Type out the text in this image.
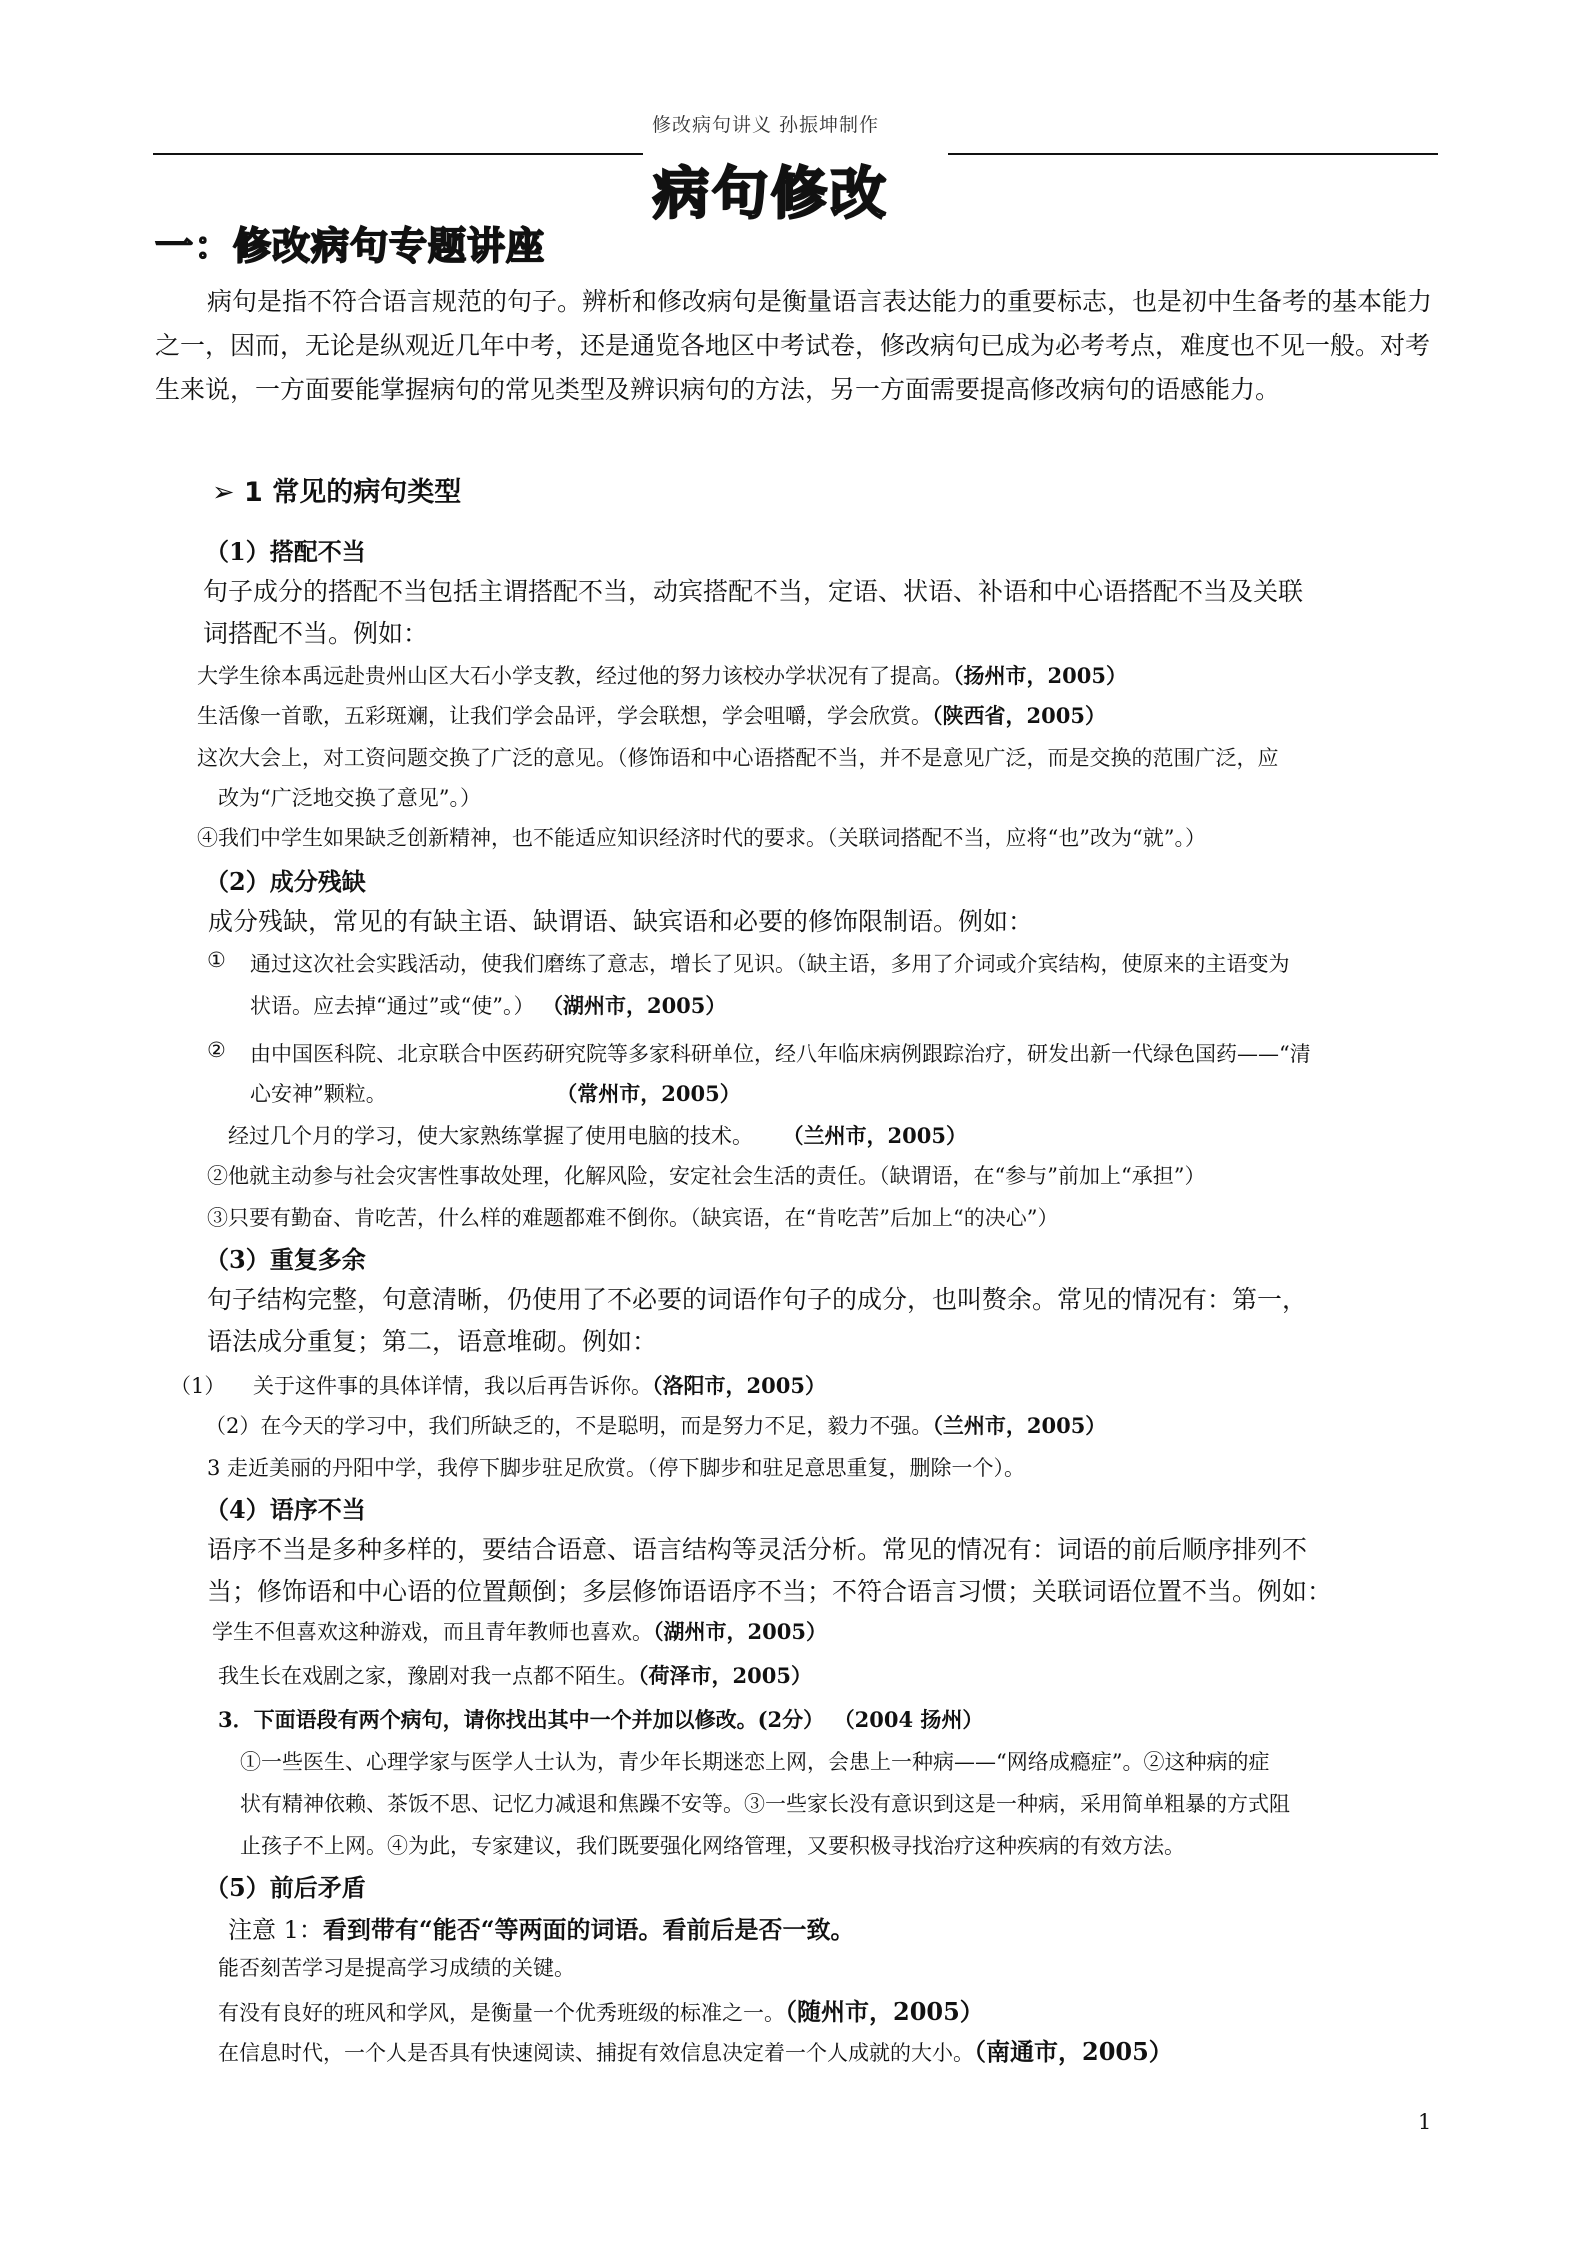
修改病句讲义 孙振坤制作
病句修改
一：修改病句专题讲座
病句是指不符合语言规范的句子。辨析和修改病句是衡量语言表达能力的重要标志，也是初中生备考的基本能力之一，因而，无论是纵观近几年中考，还是通览各地区中考试卷，修改病句已成为必考考点，难度也不见一般。对考生来说，一方面要能掌握病句的常见类型及辨识病句的方法，另一方面需要提高修改病句的语感能力。
➢ 1 常见的病句类型
（1）搭配不当
句子成分的搭配不当包括主谓搭配不当，动宾搭配不当，定语、状语、补语和中心语搭配不当及关联
词搭配不当。例如：
大学生徐本禹远赴贵州山区大石小学支教，经过他的努力该校办学状况有了提高。（扬州市，2005）
生活像一首歌，五彩斑斓，让我们学会品评，学会联想，学会咀嚼，学会欣赏。（陕西省，2005）
这次大会上，对工资问题交换了广泛的意见。（修饰语和中心语搭配不当，并不是意见广泛，而是交换的范围广泛，应
改为“广泛地交换了意见”。）
④我们中学生如果缺乏创新精神，也不能适应知识经济时代的要求。（关联词搭配不当，应将“也”改为“就”。）
（2）成分残缺
成分残缺，常见的有缺主语、缺谓语、缺宾语和必要的修饰限制语。例如：
① 通过这次社会实践活动，使我们磨练了意志，增长了见识。（缺主语，多用了介词或介宾结构，使原来的主语变为
状语。应去掉“通过”或“使”。） （湖州市，2005）
② 由中国医科院、北京联合中医药研究院等多家科研单位，经八年临床病例跟踪治疗，研发出新一代绿色国药——“清
心安神”颗粒。	（常州市，2005）
经过几个月的学习，使大家熟练掌握了使用电脑的技术。 （兰州市，2005）
②他就主动参与社会灾害性事故处理，化解风险，安定社会生活的责任。（缺谓语，在“参与”前加上“承担”）
③只要有勤奋、肯吃苦，什么样的难题都难不倒你。（缺宾语，在“肯吃苦”后加上“的决心”）
（3）重复多余
句子结构完整，句意清晰，仍使用了不必要的词语作句子的成分，也叫赘余。常见的情况有：第一，
语法成分重复；第二，语意堆砌。例如：
（1） 关于这件事的具体详情，我以后再告诉你。（洛阳市，2005）
（2）在今天的学习中，我们所缺乏的，不是聪明，而是努力不足，毅力不强。（兰州市，2005）
3 走近美丽的丹阳中学，我停下脚步驻足欣赏。（停下脚步和驻足意思重复，删除一个）。
（4）语序不当
语序不当是多种多样的，要结合语意、语言结构等灵活分析。常见的情况有：词语的前后顺序排列不
当；修饰语和中心语的位置颠倒；多层修饰语语序不当；不符合语言习惯；关联词语位置不当。例如：
学生不但喜欢这种游戏，而且青年教师也喜欢。（湖州市，2005）
我生长在戏剧之家，豫剧对我一点都不陌生。（荷泽市，2005）
3．下面语段有两个病句，请你找出其中一个并加以修改。(2分） （2004 扬州）
①一些医生、心理学家与医学人士认为，青少年长期迷恋上网，会患上一种病——“网络成瘾症”。②这种病的症
状有精神依赖、茶饭不思、记忆力减退和焦躁不安等。③一些家长没有意识到这是一种病，采用简单粗暴的方式阻
止孩子不上网。④为此，专家建议，我们既要强化网络管理，又要积极寻找治疗这种疾病的有效方法。
（5）前后矛盾
注意 1：看到带有“能否“等两面的词语。看前后是否一致。
能否刻苦学习是提高学习成绩的关键。
有没有良好的班风和学风，是衡量一个优秀班级的标准之一。（随州市，2005）
在信息时代，一个人是否具有快速阅读、捕捉有效信息决定着一个人成就的大小。（南通市，2005）
1
